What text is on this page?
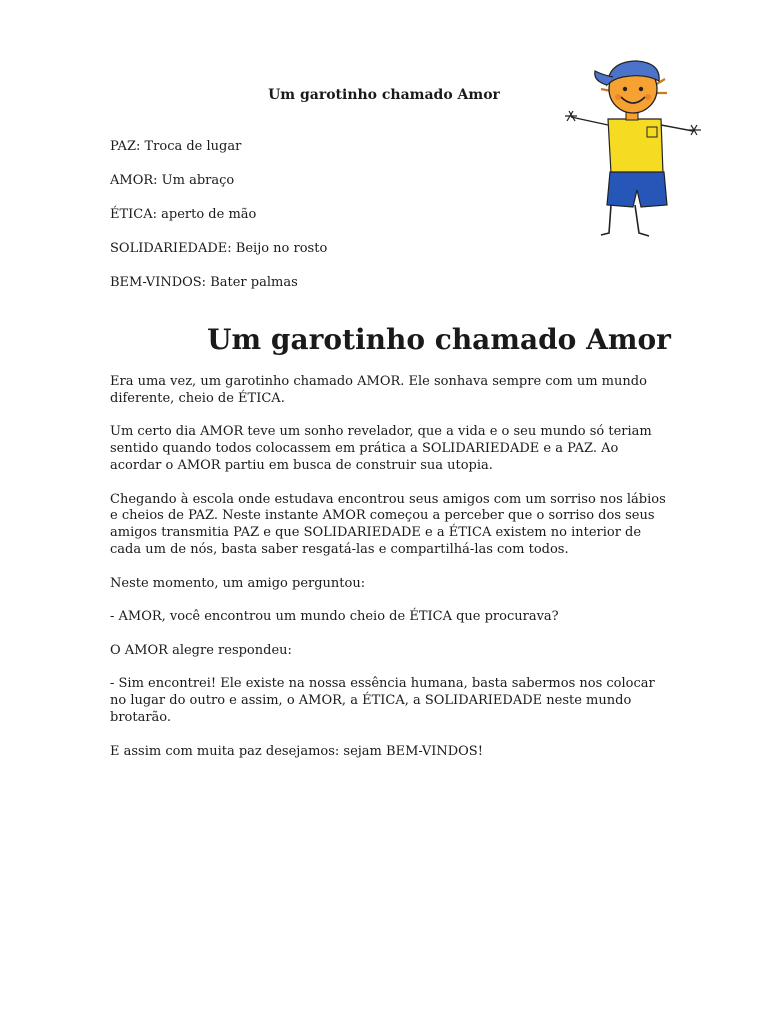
Um garotinho chamado Amor
PAZ: Troca de lugar
AMOR: Um abraço
ÉTICA: aperto de mão
SOLIDARIEDADE: Beijo no rosto
BEM-VINDOS: Bater palmas
Um garotinho chamado Amor

Era uma vez, um garotinho chamado AMOR. Ele sonhava sempre com um mundo diferente, cheio de ÉTICA.

Um certo dia AMOR teve um sonho revelador, que a vida e o seu mundo só teriam sentido quando todos colocassem em prática a SOLIDARIEDADE e a PAZ. Ao acordar o AMOR partiu em busca de construir sua utopia.

Chegando à escola onde estudava encontrou seus amigos com um sorriso nos lábios e cheios de PAZ. Neste instante AMOR começou a perceber que o sorriso dos seus amigos transmitia PAZ e que SOLIDARIEDADE e a ÉTICA existem no interior de cada um de nós, basta saber resgatá-las e compartilhá-las com todos.

Neste momento, um amigo perguntou:

- AMOR, você encontrou um mundo cheio de ÉTICA que procurava?

O AMOR alegre respondeu:

- Sim encontrei! Ele existe na nossa essência humana, basta sabermos nos colocar no lugar do outro e assim, o AMOR, a ÉTICA, a SOLIDARIEDADE neste mundo brotarão.

E assim com muita paz desejamos: sejam BEM-VINDOS!
